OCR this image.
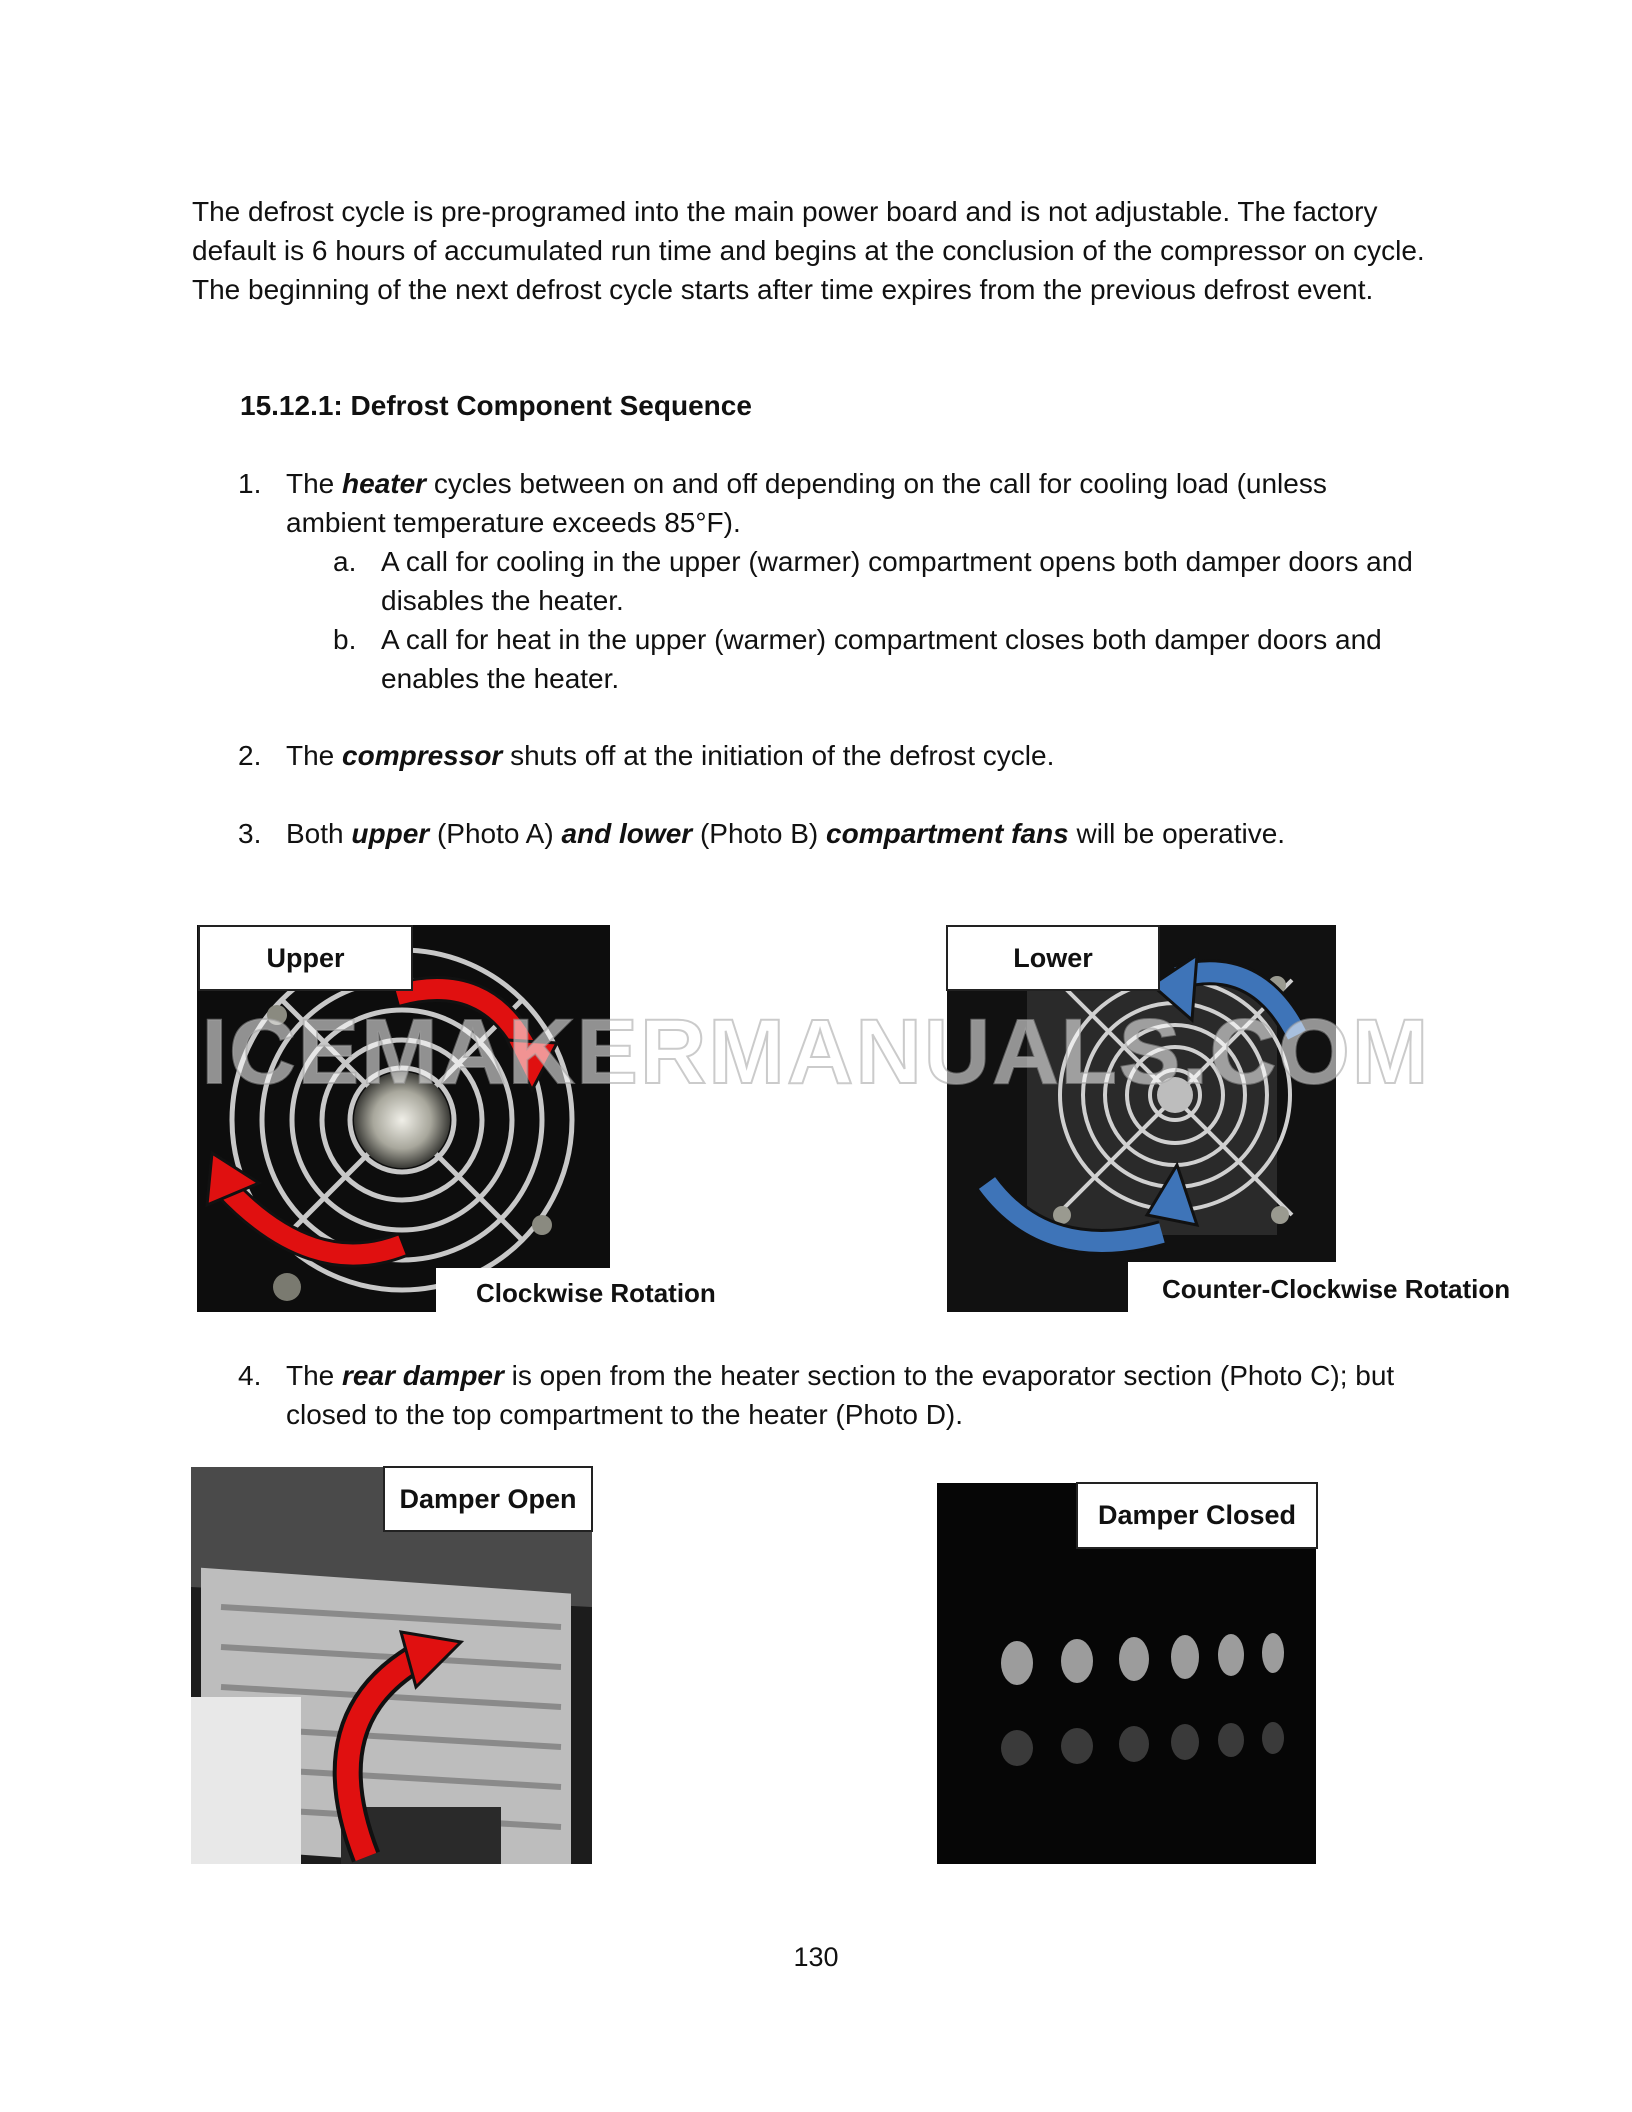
The defrost cycle is pre-programed into the main power board and is not adjustable. The factory default is 6 hours of accumulated run time and begins at the conclusion of the compressor on cycle. The beginning of the next defrost cycle starts after time expires from the previous defrost event.
15.12.1: Defrost Component Sequence
1. The heater cycles between on and off depending on the call for cooling load (unless ambient temperature exceeds 85°F).
a. A call for cooling in the upper (warmer) compartment opens both damper doors and disables the heater.
b. A call for heat in the upper (warmer) compartment closes both damper doors and enables the heater.
2. The compressor shuts off at the initiation of the defrost cycle.
3. Both upper (Photo A) and lower (Photo B) compartment fans will be operative.
Upper
Clockwise Rotation
Lower
Counter-Clockwise Rotation
ICEMAKERMANUALS.COM
4. The rear damper is open from the heater section to the evaporator section (Photo C); but closed to the top compartment to the heater (Photo D).
Damper Open
Damper Closed
130
